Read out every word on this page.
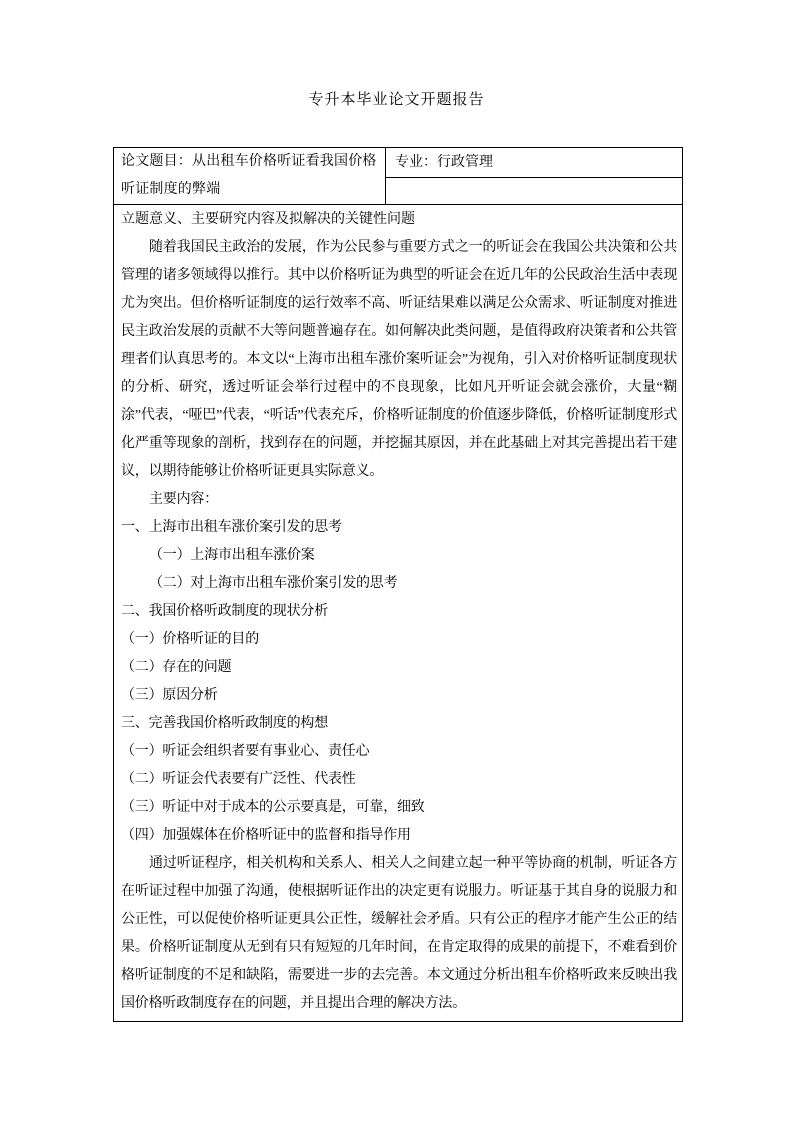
专升本毕业论文开题报告
论文题目：从出租车价格听证看我国价格听证制度的弊端	专业：行政管理

立题意义、主要研究内容及拟解决的关键性问题

随着我国民主政治的发展，作为公民参与重要方式之一的听证会在我国公共决策和公共管理的诸多领域得以推行。其中以价格听证为典型的听证会在近几年的公民政治生活中表现尤为突出。但价格听证制度的运行效率不高、听证结果难以满足公众需求、听证制度对推进民主政治发展的贡献不大等问题普遍存在。如何解决此类问题，是值得政府决策者和公共管理者们认真思考的。本文以“上海市出租车涨价案听证会”为视角，引入对价格听证制度现状的分析、研究，透过听证会举行过程中的不良现象，比如凡开听证会就会涨价，大量“糊涂”代表，“哑巴”代表，“听话”代表充斥，价格听证制度的价值逐步降低，价格听证制度形式化严重等现象的剖析，找到存在的问题，并挖掘其原因，并在此基础上对其完善提出若干建议，以期待能够让价格听证更具实际意义。

主要内容：

一、上海市出租车涨价案引发的思考

（一）上海市出租车涨价案

（二）对上海市出租车涨价案引发的思考

二、我国价格听政制度的现状分析

（一）价格听证的目的

（二）存在的问题

（三）原因分析

三、完善我国价格听政制度的构想

（一）听证会组织者要有事业心、责任心

（二）听证会代表要有广泛性、代表性

（三）听证中对于成本的公示要真是，可靠，细致

（四）加强媒体在价格听证中的监督和指导作用

通过听证程序，相关机构和关系人、相关人之间建立起一种平等协商的机制，听证各方在听证过程中加强了沟通，使根据听证作出的决定更有说服力。听证基于其自身的说服力和公正性，可以促使价格听证更具公正性，缓解社会矛盾。只有公正的程序才能产生公正的结果。价格听证制度从无到有只有短短的几年时间，在肯定取得的成果的前提下，不难看到价格听证制度的不足和缺陷，需要进一步的去完善。本文通过分析出租车价格听政来反映出我国价格听政制度存在的问题，并且提出合理的解决方法。
